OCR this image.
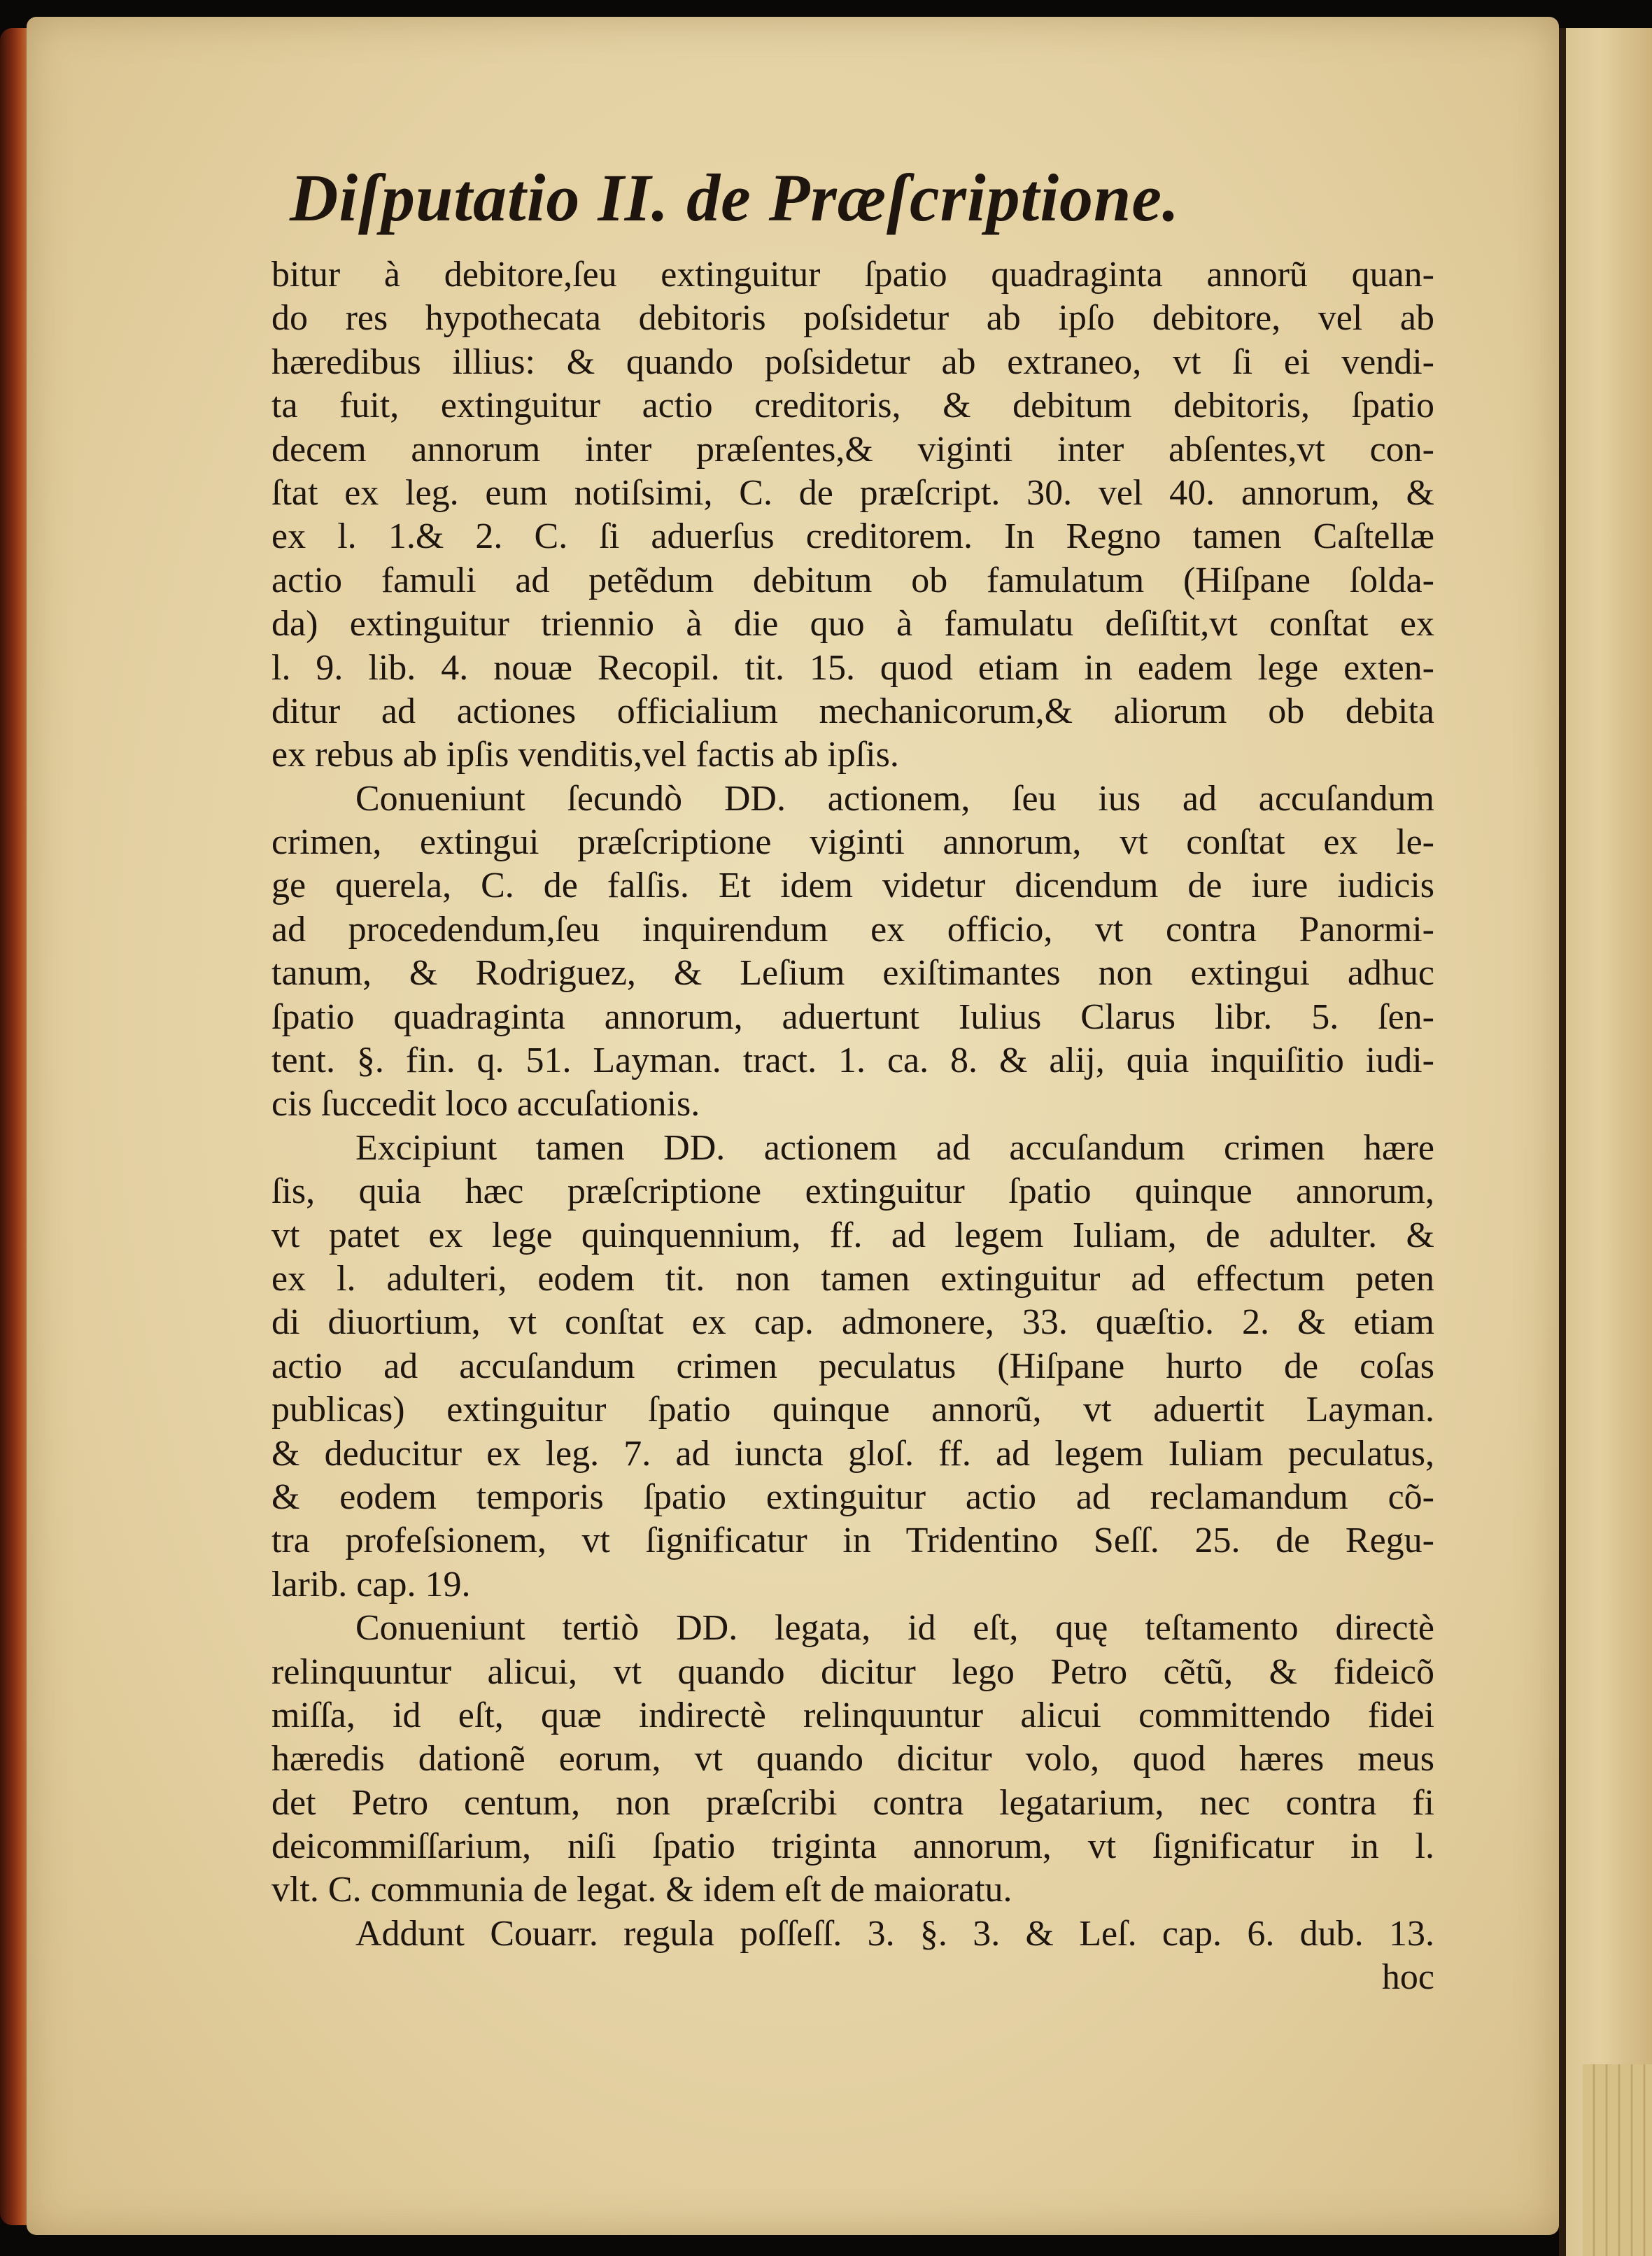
Diſputatio II. de Præſcriptione.
bitur à debitore,ſeu extinguitur ſpatio quadraginta annorũ quan-
do res hypothecata debitoris poſsidetur ab ipſo debitore, vel ab
hæredibus illius: & quando poſsidetur ab extraneo, vt ſi ei vendi-
ta fuit, extinguitur actio creditoris, & debitum debitoris, ſpatio
decem annorum inter præſentes,& viginti inter abſentes,vt con-
ſtat ex leg. eum notiſsimi, C. de præſcript. 30. vel 40. annorum, &
ex l. 1.& 2. C. ſi aduerſus creditorem. In Regno tamen Caſtellæ
actio famuli ad petẽdum debitum ob famulatum (Hiſpane ſolda-
da) extinguitur triennio à die quo à famulatu deſiſtit,vt conſtat ex
l. 9. lib. 4. nouæ Recopil. tit. 15. quod etiam in eadem lege exten-
ditur ad actiones officialium mechanicorum,& aliorum ob debita
ex rebus ab ipſis venditis,vel factis ab ipſis.
Conueniunt ſecundò DD. actionem, ſeu ius ad accuſandum
crimen, extingui præſcriptione viginti annorum, vt conſtat ex le-
ge querela, C. de falſis. Et idem videtur dicendum de iure iudicis
ad procedendum,ſeu inquirendum ex officio, vt contra Panormi-
tanum, & Rodriguez, & Leſium exiſtimantes non extingui adhuc
ſpatio quadraginta annorum, aduertunt Iulius Clarus libr. 5. ſen-
tent. §. fin. q. 51. Layman. tract. 1. ca. 8. & alij, quia inquiſitio iudi-
cis ſuccedit loco accuſationis.
Excipiunt tamen DD. actionem ad accuſandum crimen hære
ſis, quia hæc præſcriptione extinguitur ſpatio quinque annorum,
vt patet ex lege quinquennium, ff. ad legem Iuliam, de adulter. &
ex l. adulteri, eodem tit. non tamen extinguitur ad effectum peten
di diuortium, vt conſtat ex cap. admonere, 33. quæſtio. 2. & etiam
actio ad accuſandum crimen peculatus (Hiſpane hurto de coſas
publicas) extinguitur ſpatio quinque annorũ, vt aduertit Layman.
& deducitur ex leg. 7. ad iuncta gloſ. ff. ad legem Iuliam peculatus,
& eodem temporis ſpatio extinguitur actio ad reclamandum cõ-
tra profeſsionem, vt ſignificatur in Tridentino Seſſ. 25. de Regu-
larib. cap. 19.
Conueniunt tertiò DD. legata, id eſt, quę teſtamento directè
relinquuntur alicui, vt quando dicitur lego Petro cẽtũ, & fideicõ
miſſa, id eſt, quæ indirectè relinquuntur alicui committendo fidei
hæredis dationẽ eorum, vt quando dicitur volo, quod hæres meus
det Petro centum, non præſcribi contra legatarium, nec contra fi
deicommiſſarium, niſi ſpatio triginta annorum, vt ſignificatur in l.
vlt. C. communia de legat. & idem eſt de maioratu.
Addunt Couarr. regula poſſeſſ. 3. §. 3. & Leſ. cap. 6. dub. 13.
hoc
